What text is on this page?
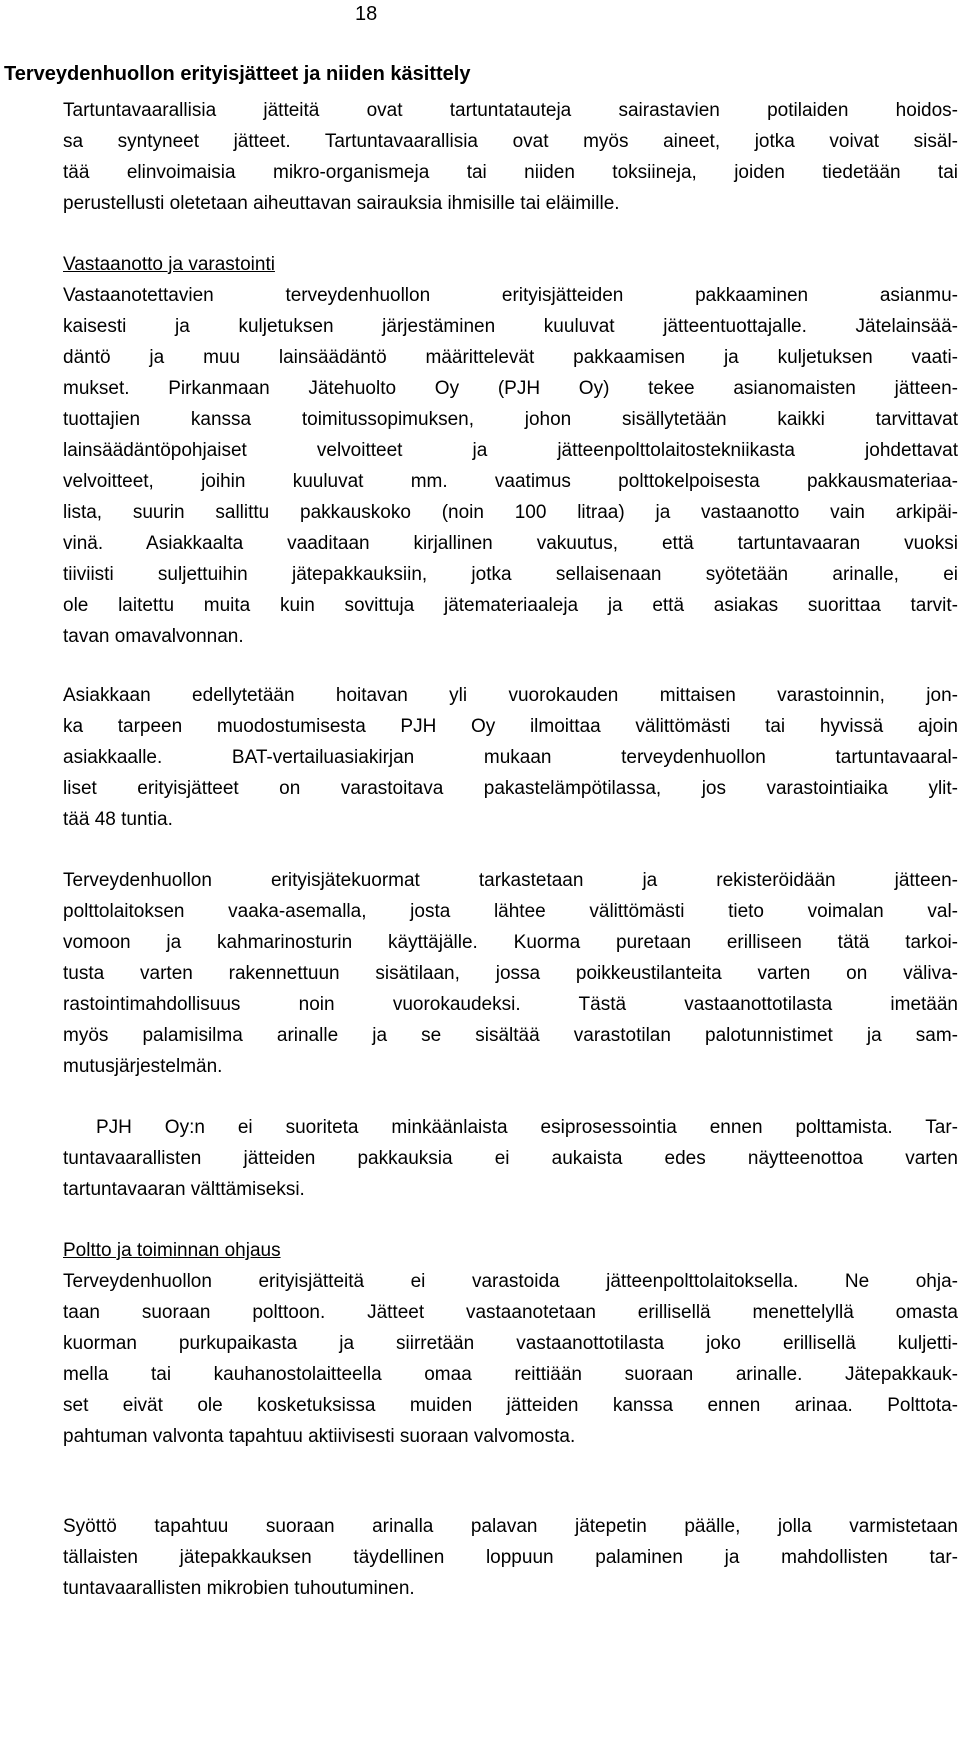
18
Terveydenhuollon erityisjätteet ja niiden käsittely
Tartuntavaarallisia jätteitä ovat tartuntatauteja sairastavien potilaiden hoidos-
sa syntyneet jätteet. Tartuntavaarallisia ovat myös aineet, jotka voivat sisäl-
tää elinvoimaisia mikro-organismeja tai niiden toksiineja, joiden tiedetään tai
perustellusti oletetaan aiheuttavan sairauksia ihmisille tai eläimille.
Vastaanotto ja varastointi
Vastaanotettavien terveydenhuollon erityisjätteiden pakkaaminen asianmu-
kaisesti ja kuljetuksen järjestäminen kuuluvat jätteentuottajalle. Jätelainsää-
däntö ja muu lainsäädäntö määrittelevät pakkaamisen ja kuljetuksen vaati-
mukset. Pirkanmaan Jätehuolto Oy (PJH Oy) tekee asianomaisten jätteen-
tuottajien kanssa toimitussopimuksen, johon sisällytetään kaikki tarvittavat
lainsäädäntöpohjaiset velvoitteet ja jätteenpolttolaitostekniikasta johdettavat
velvoitteet, joihin kuuluvat mm. vaatimus polttokelpoisesta pakkausmateriaa-
lista, suurin sallittu pakkauskoko (noin 100 litraa) ja vastaanotto vain arkipäi-
vinä. Asiakkaalta vaaditaan kirjallinen vakuutus, että tartuntavaaran vuoksi
tiiviisti suljettuihin jätepakkauksiin, jotka sellaisenaan syötetään arinalle, ei
ole laitettu muita kuin sovittuja jätemateriaaleja ja että asiakas suorittaa tarvit-
tavan omavalvonnan.
Asiakkaan edellytetään hoitavan yli vuorokauden mittaisen varastoinnin, jon-
ka tarpeen muodostumisesta PJH Oy ilmoittaa välittömästi tai hyvissä ajoin
asiakkaalle. BAT-vertailuasiakirjan mukaan terveydenhuollon tartuntavaaral-
liset erityisjätteet on varastoitava pakastelämpötilassa, jos varastointiaika ylit-
tää 48 tuntia.
Terveydenhuollon erityisjätekuormat tarkastetaan ja rekisteröidään jätteen-
polttolaitoksen vaaka-asemalla, josta lähtee välittömästi tieto voimalan val-
vomoon ja kahmarinosturin käyttäjälle. Kuorma puretaan erilliseen tätä tarkoi-
tusta varten rakennettuun sisätilaan, jossa poikkeustilanteita varten on väliva-
rastointimahdollisuus noin vuorokaudeksi. Tästä vastaanottotilasta imetään
myös palamisilma arinalle ja se sisältää varastotilan palotunnistimet ja sam-
mutusjärjestelmän.
PJH Oy:n ei suoriteta minkäänlaista esiprosessointia ennen polttamista. Tar-
tuntavaarallisten jätteiden pakkauksia ei aukaista edes näytteenottoa varten
tartuntavaaran välttämiseksi.
Poltto ja toiminnan ohjaus
Terveydenhuollon erityisjätteitä ei varastoida jätteenpolttolaitoksella. Ne ohja-
taan suoraan polttoon. Jätteet vastaanotetaan erillisellä menettelyllä omasta
kuorman purkupaikasta ja siirretään vastaanottotilasta joko erillisellä kuljetti-
mella tai kauhanostolaitteella omaa reittiään suoraan arinalle. Jätepakkauk-
set eivät ole kosketuksissa muiden jätteiden kanssa ennen arinaa. Polttota-
pahtuman valvonta tapahtuu aktiivisesti suoraan valvomosta.
Syöttö tapahtuu suoraan arinalla palavan jätepetin päälle, jolla varmistetaan
tällaisten jätepakkauksen täydellinen loppuun palaminen ja mahdollisten tar-
tuntavaarallisten mikrobien tuhoutuminen.
